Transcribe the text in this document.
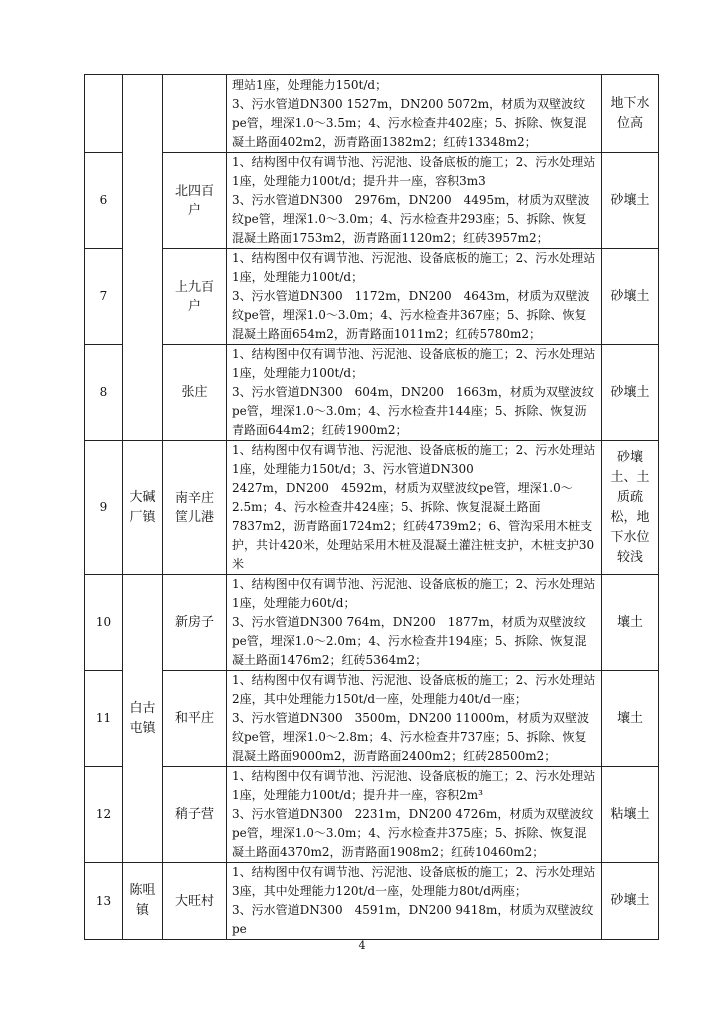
			理站1座，处理能力150t/d；
3、污水管道DN300 1527m，DN200 5072m，材质为双壁波纹pe管，埋深1.0～3.5m；4、污水检查井402座；5、拆除、恢复混凝土路面402m2，沥青路面1382m2；红砖13348m2；	地下水位高
6		北四百户	1、结构图中仅有调节池、污泥池、设备底板的施工；2、污水处理站1座，处理能力100t/d；提升井一座，容积3m3
3、污水管道DN300　2976m，DN200　4495m，材质为双壁波纹pe管，埋深1.0～3.0m；4、污水检查井293座；5、拆除、恢复混凝土路面1753m2，沥青路面1120m2；红砖3957m2；	砂壤土
7		上九百户	1、结构图中仅有调节池、污泥池、设备底板的施工；2、污水处理站1座，处理能力100t/d；
3、污水管道DN300　1172m，DN200　4643m，材质为双壁波纹pe管，埋深1.0～3.0m；4、污水检查井367座；5、拆除、恢复混凝土路面654m2，沥青路面1011m2；红砖5780m2；	砂壤土
8		张庄	1、结构图中仅有调节池、污泥池、设备底板的施工；2、污水处理站1座，处理能力100t/d；
3、污水管道DN300　604m，DN200　1663m，材质为双壁波纹pe管，埋深1.0～3.0m；4、污水检查井144座；5、拆除、恢复沥青路面644m2；红砖1900m2；	砂壤土
9	大碱厂镇	南辛庄筐儿港	1、结构图中仅有调节池、污泥池、设备底板的施工；2、污水处理站1座，处理能力150t/d；3、污水管道DN300
2427m，DN200　4592m，材质为双壁波纹pe管，埋深1.0～2.5m；4、污水检查井424座；5、拆除、恢复混凝土路面7837m2，沥青路面1724m2；红砖4739m2；6、管沟采用木桩支护，共计420米，处理站采用木桩及混凝土灌注桩支护，木桩支护30米	砂壤土、土质疏松，地下水位较浅
10	白古屯镇	新房子	1、结构图中仅有调节池、污泥池、设备底板的施工；2、污水处理站1座，处理能力60t/d；
3、污水管道DN300 764m，DN200　1877m，材质为双壁波纹pe管，埋深1.0～2.0m；4、污水检查井194座；5、拆除、恢复混凝土路面1476m2；红砖5364m2；	壤土
11		和平庄	1、结构图中仅有调节池、污泥池、设备底板的施工；2、污水处理站2座，其中处理能力150t/d一座，处理能力40t/d一座；
3、污水管道DN300　3500m，DN200 11000m，材质为双壁波纹pe管，埋深1.0～2.8m；4、污水检查井737座；5、拆除、恢复混凝土路面9000m2，沥青路面2400m2；红砖28500m2；	壤土
12		稍子营	1、结构图中仅有调节池、污泥池、设备底板的施工；2、污水处理站1座，处理能力100t/d；提升井一座，容积2m³
3、污水管道DN300　2231m，DN200 4726m，材质为双壁波纹pe管，埋深1.0～3.0m；4、污水检查井375座；5、拆除、恢复混凝土路面4370m2，沥青路面1908m2；红砖10460m2；	粘壤土
13	陈咀镇	大旺村	1、结构图中仅有调节池、污泥池、设备底板的施工；2、污水处理站3座，其中处理能力120t/d一座，处理能力80t/d两座；
3、污水管道DN300　4591m，DN200 9418m，材质为双壁波纹pe	砂壤土
4
